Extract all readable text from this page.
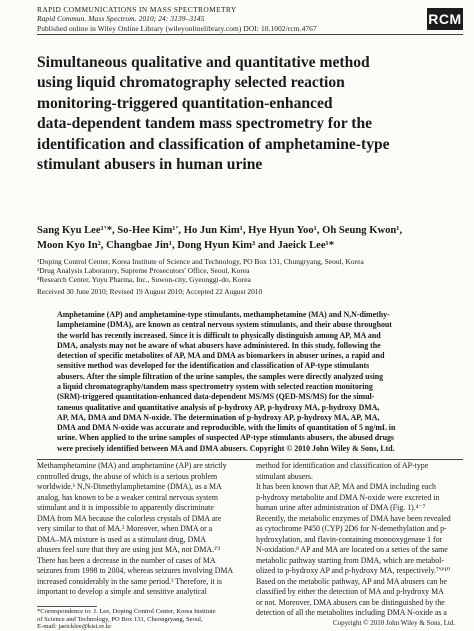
RAPID COMMUNICATIONS IN MASS SPECTROMETRY
Rapid Commun. Mass Spectrom. 2010; 24: 3139–3145
Published online in Wiley Online Library (wileyonlinelibrary.com) DOI: 10.1002/rcm.4767
RCM
Simultaneous qualitative and quantitative method
using liquid chromatography selected reaction
monitoring-triggered quantitation-enhanced
data-dependent tandem mass spectrometry for the
identification and classification of amphetamine-type
stimulant abusers in human urine
Sang Kyu Lee¹'*, So-Hee Kim¹', Ho Jun Kim¹, Hye Hyun Yoo¹, Oh Seung Kwon¹,
Moon Kyo In², Changbae Jin¹, Dong Hyun Kim³ and Jaeick Lee¹*
¹Doping Control Center, Korea Institute of Science and Technology, PO Box 131, Chungryang, Seoul, Korea
²Drug Analysis Laboratory, Supreme Prosecutors' Office, Seoul, Korea
³Research Center, Yuyu Pharma, Inc., Suwon-city, Gyeonggi-do, Korea
Received 30 June 2010; Revised 19 August 2010; Accepted 22 August 2010
Amphetamine (AP) and amphetamine-type stimulants, methamphetamine (MA) and N,N-dimethy-
lamphetamine (DMA), are known as central nervous system stimulants, and their abuse throughout
the world has recently increased. Since it is difficult to physically distinguish among AP, MA and
DMA, analysts may not be aware of what abusers have administered. In this study, following the
detection of specific metabolites of AP, MA and DMA as biomarkers in abuser urines, a rapid and
sensitive method was developed for the identification and classification of AP-type stimulants
abusers. After the simple filtration of the urine samples, the samples were directly analyzed using
a liquid chromatography/tandem mass spectrometry system with selected reaction monitoring
(SRM)-triggered quantitation-enhanced data-dependent MS/MS (QED-MS/MS) for the simul-
taneous qualitative and quantitative analysis of p-hydroxy AP, p-hydroxy MA, p-hydroxy DMA,
AP, MA, DMA and DMA N-oxide. The determination of p-hydroxy AP, p-hydroxy MA, AP, MA,
DMA and DMA N-oxide was accurate and reproducible, with the limits of quantitation of 5 ng/mL in
urine. When applied to the urine samples of suspected AP-type stimulants abusers, the abused drugs
were precisely identified between MA and DMA abusers. Copyright © 2010 John Wiley & Sons, Ltd.
Methamphetamine (MA) and amphetamine (AP) are strictly
controlled drugs, the abuse of which is a serious problem
worldwide.¹ N,N-Dimethylamphetamine (DMA), as a MA
analog, has known to be a weaker central nervous system
stimulant and it is impossible to apparently discriminate
DMA from MA because the colorless crystals of DMA are
very similar to that of MA.² Moreover, when DMA or a
DMA–MA mixture is used as a stimulant drug, DMA
abusers feel sure that they are using just MA, not DMA.²'³
There has been a decrease in the number of cases of MA
seizures from 1998 to 2004, whereas seizures involving DMA
increased considerably in the same period.² Therefore, it is
important to develop a simple and sensitive analytical
method for identification and classification of AP-type
stimulant abusers.
It has been known that AP, MA and DMA including each
p-hydroxy metabolite and DMA N-oxide were excreted in
human urine after administration of DMA (Fig. 1).⁴⁻⁷
Recently, the metabolic enzymes of DMA have been revealed
as cytochrome P450 (CYP) 2D6 for N-demethylation and p-
hydroxylation, and flavin-containing monooxygenase 1 for
N-oxidation.⁸ AP and MA are located on a series of the same
metabolic pathway starting from DMA, which are metabol-
olized to p-hydroxy AP and p-hydroxy MA, respectively.⁷'⁹'¹⁰
Based on the metabolic pathway, AP and MA abusers can be
classified by either the detection of MA and p-hydroxy MA
or not. Moreover, DMA abusers can be distinguished by the
detection of all the metabolites including DMA N-oxide as a
*Correspondence to: J. Lee, Doping Control Center, Korea Institute
of Science and Technology, PO Box 131, Cheongryang, Seoul,
E-mail: jaeicklee@kist.re.kr	Copyright © 2010 John Wiley & Sons, Ltd.
